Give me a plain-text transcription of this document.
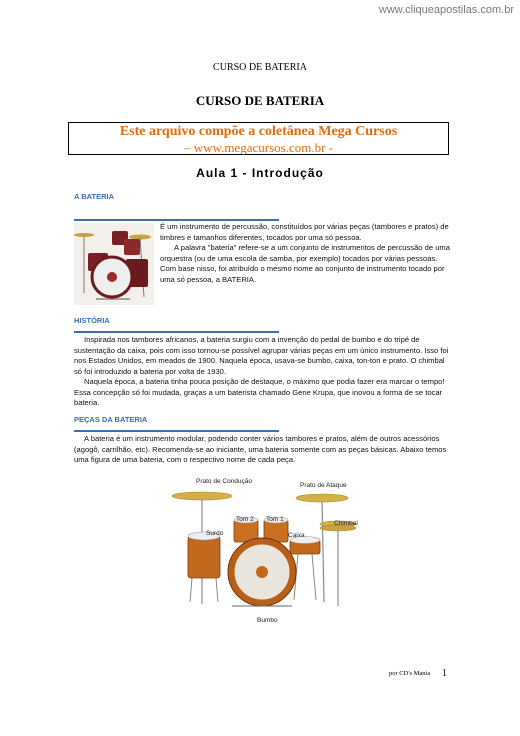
www.cliqueapostilas.com.br
CURSO DE BATERIA
CURSO DE BATERIA
Este arquivo compõe a coletânea Mega Cursos
– www.megacursos.com.br -
Aula 1 - Introdução
A BATERIA
É um instrumento de percussão, constituídos por várias peças (tambores e pratos) de timbres e tamanhos diferentes, tocados por uma só pessoa.
A palavra "bateria" refere-se a um conjunto de instrumentos de percussão de uma orquestra (ou de uma escola de samba, por exemplo) tocados por várias pessoas. Com base nisso, foi atribuído o mesmo nome ao conjunto de instrumento tocado por uma só pessoa, a BATERIA.
HISTÓRIA
Inspirada nos tambores africanos, a bateria surgiu com a invenção do pedal de bumbo e do tripé de sustentação da caixa, pois com isso tornou-se possível agrupar várias peças em um único instrumento. Isso foi nos Estados Unidos, em meados de 1900. Naquela época, usava-se bumbo, caixa, ton-ton e prato. O chimbal só foi introduzido a bateria por volta de 1930.
Naquela época, a bateria tinha pouca posição de destaque, o máximo que podia fazer era marcar o tempo! Essa concepção só foi mudada, graças a um baterista chamado Gene Krupa, que inovou a forma de se tocar bateria.
PEÇAS DA BATERIA
A bateria é um instrumento modular, podendo conter vários tambores e pratos, além de outros acessórios (agogô, carrilhão, etc). Recomenda-se ao iniciante, uma bateria somente com as peças básicas. Abaixo temos uma figura de uma bateria, com o respectivo nome de cada peça.
Prato de Condução
Prato de Ataque
Tom 2 Tom 1
Chimbal
Surdo	Caixa
Bumbo
por CD's Mania 1
